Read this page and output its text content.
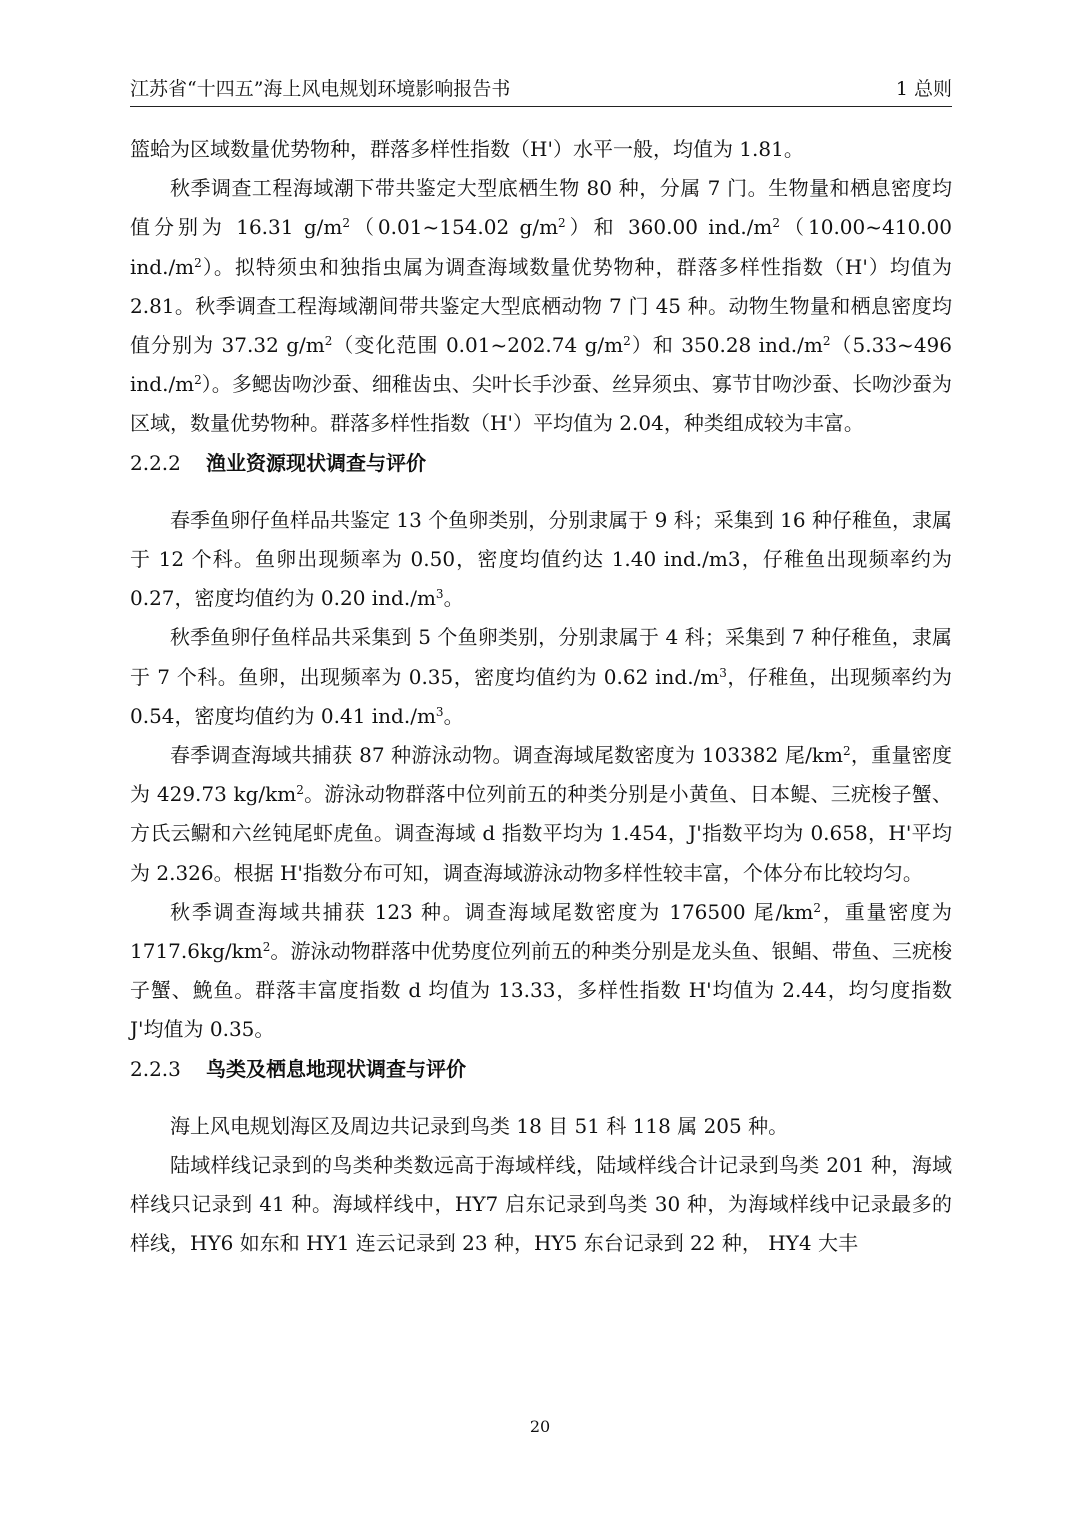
江苏省“十四五”海上风电规划环境影响报告书	1 总则

篮蛤为区域数量优势物种，群落多样性指数（H'）水平一般，均值为 1.81。

秋季调查工程海域潮下带共鉴定大型底栖生物 80 种，分属 7 门。生物量和栖息密度均值分别为 16.31 $g/m^2(0.01\sim 154.02$ $g/m^2$）和 360.00 $ind./m^2(10.00\sim 410.00$ $ind./m^2$）。拟特须虫和独指虫属为调查海域数量优势物种，群落多样性指数（H'）均值为 2.81。秋季调查工程海域潮间带共鉴定大型底栖动物 7 门 45 种。动物生物量和栖息密度均值分别为 37.32 $g/m^2$（变化范围 0.01~202.74 $g/m^2$）和 350.28 $ind./m^2(5.33\sim 496$ $ind./m^2$）。多鳃齿吻沙蚕、细稚齿虫、尖叶长手沙蚕、丝异须虫、寡节甘吻沙蚕、长吻沙蚕为区域，数量优势物种。群落多样性指数（H'）平均值为 2.04，种类组成较为丰富。

2.2.2 渔业资源现状调查与评价

春季鱼卵仔鱼样品共鉴定 13 个鱼卵类别，分别隶属于 9 科；采集到 16 种仔稚鱼，隶属于 12 个科。鱼卵出现频率为 0.50，密度均值约达 1.40 ind./m3，仔稚鱼出现频率约为 0.27，密度均值约为 0.20 $ind./m^3$。

秋季鱼卵仔鱼样品共采集到 5 个鱼卵类别，分别隶属于 4 科；采集到 7 种仔稚鱼，隶属于 7 个科。鱼卵，出现频率为 0.35，密度均值约为 0.62 $ind./m^3$，仔稚鱼，出现频率约为 0.54，密度均值约为 0.41 $ind./m^3$。

春季调查海域共捕获 87 种游泳动物。调查海域尾数密度为 103382 尾$/km^2$，重量密度为 429.73 $kg/km^2$。游泳动物群落中位列前五的种类分别是小黄鱼、日本鳀、三疣梭子蟹、方氏云鳚和六丝钝尾虾虎鱼。调查海域 d 指数平均为 1.454，J'指数平均为 0.658，H'平均为 2.326。根据 H'指数分布可知，调查海域游泳动物多样性较丰富，个体分布比较均匀。

秋季调查海域共捕获 123 种。调查海域尾数密度为 176500 尾$/km^2$，重量密度为 $1717.6kg/km^2$。游泳动物群落中优势度位列前五的种类分别是龙头鱼、银鲳、带鱼、三疣梭子蟹、鮸鱼。群落丰富度指数 d 均值为 13.33，多样性指数 H'均值为 2.44，均匀度指数 J'均值为 0.35。

2.2.3 鸟类及栖息地现状调查与评价

海上风电规划海区及周边共记录到鸟类 18 目 51 科 118 属 205 种。

陆域样线记录到的鸟类种类数远高于海域样线，陆域样线合计记录到鸟类 201 种，海域样线只记录到 41 种。海域样线中，HY7 启东记录到鸟类 30 种，为海域样线中记录最多的样线，HY6 如东和 HY1 连云记录到 23 种，HY5 东台记录到 22 种， HY4 大丰

20
